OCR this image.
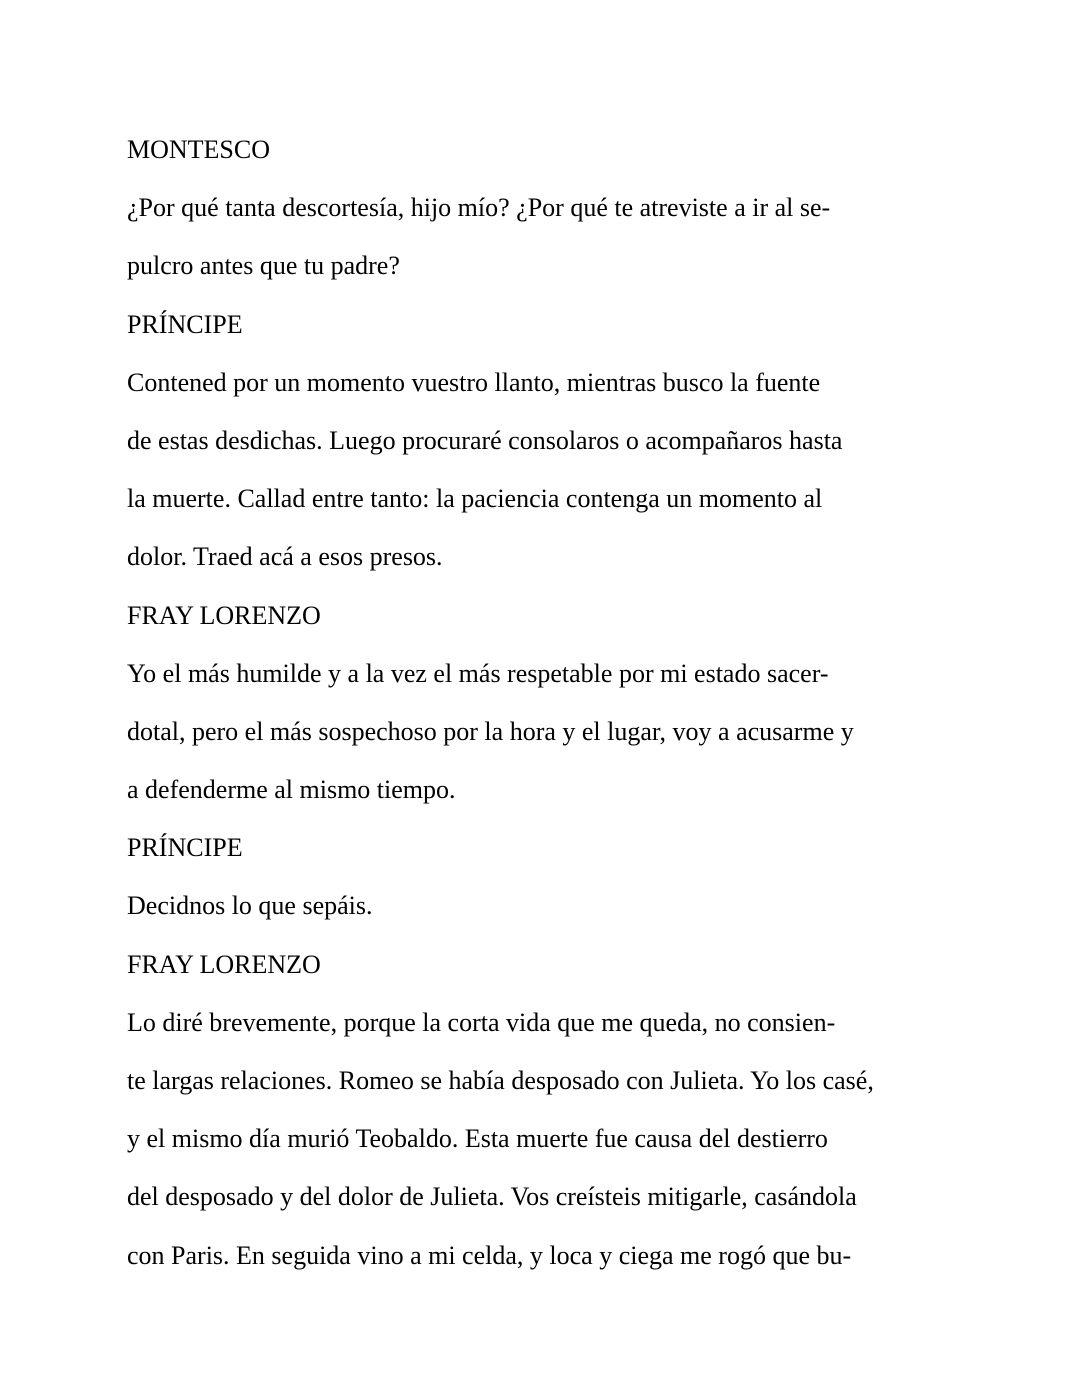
MONTESCO
¿Por qué tanta descortesía, hijo mío? ¿Por qué te atreviste a ir al se-
pulcro antes que tu padre?
PRÍNCIPE
Contened por un momento vuestro llanto, mientras busco la fuente
de estas desdichas. Luego procuraré consolaros o acompañaros hasta
la muerte. Callad entre tanto: la paciencia contenga un momento al
dolor. Traed acá a esos presos.
FRAY LORENZO
Yo el más humilde y a la vez el más respetable por mi estado sacer-
dotal, pero el más sospechoso por la hora y el lugar, voy a acusarme y
a defenderme al mismo tiempo.
PRÍNCIPE
Decidnos lo que sepáis.
FRAY LORENZO
Lo diré brevemente, porque la corta vida que me queda, no consien-
te largas relaciones. Romeo se había desposado con Julieta. Yo los casé,
y el mismo día murió Teobaldo. Esta muerte fue causa del destierro
del desposado y del dolor de Julieta. Vos creísteis mitigarle, casándola
con Paris. En seguida vino a mi celda, y loca y ciega me rogó que bu-
